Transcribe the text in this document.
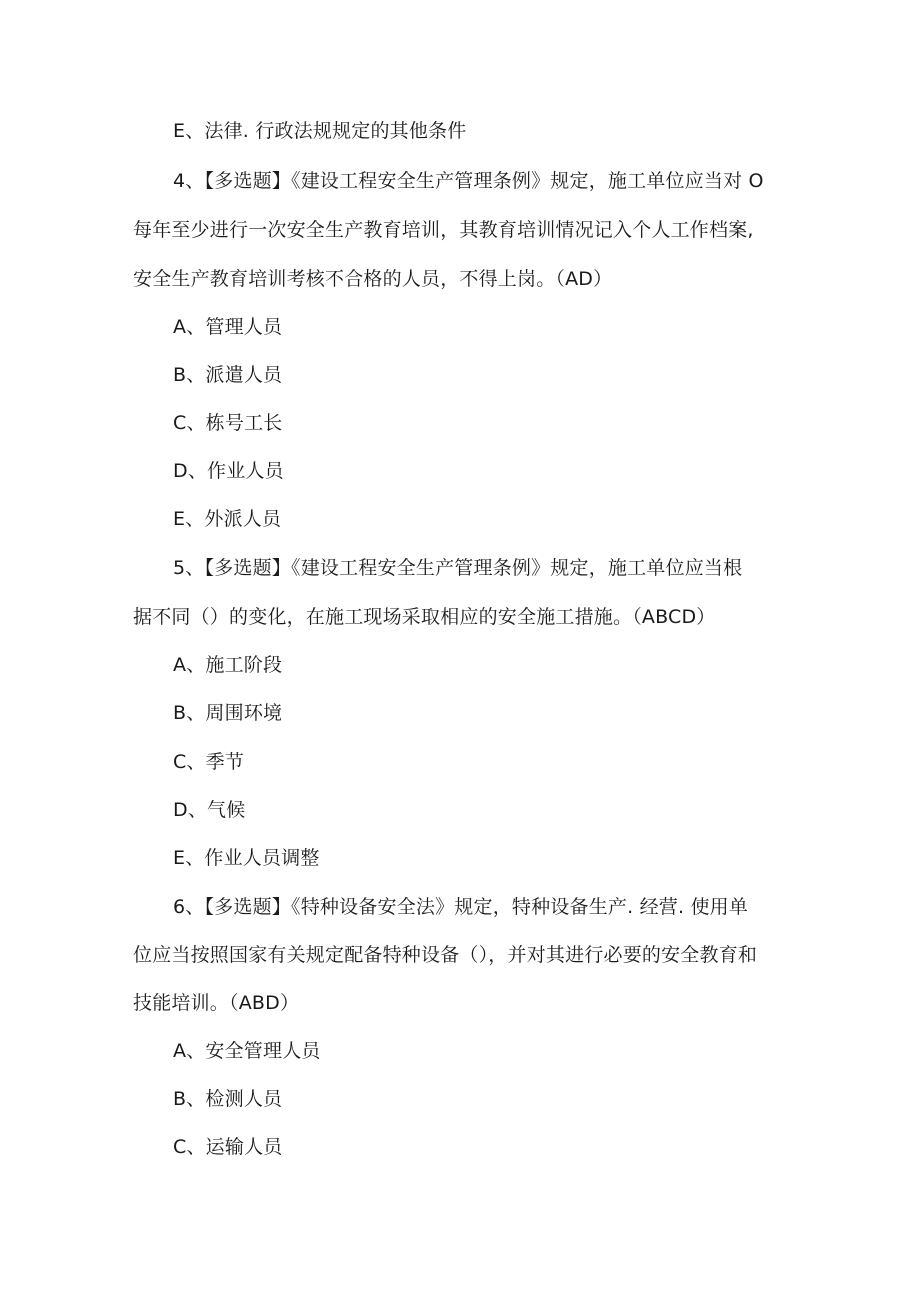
E、法律. 行政法规规定的其他条件
4、【多选题】《建设工程安全生产管理条例》规定，施工单位应当对 O
每年至少进行一次安全生产教育培训，其教育培训情况记入个人工作档案,
安全生产教育培训考核不合格的人员，不得上岗。（AD）
A、管理人员
B、派遣人员
C、栋号工长
D、作业人员
E、外派人员
5、【多选题】《建设工程安全生产管理条例》规定，施工单位应当根
据不同（）的变化，在施工现场采取相应的安全施工措施。（ABCD）
A、施工阶段
B、周围环境
C、季节
D、气候
E、作业人员调整
6、【多选题】《特种设备安全法》规定，特种设备生产. 经营. 使用单
位应当按照国家有关规定配备特种设备（），并对其进行必要的安全教育和
技能培训。（ABD）
A、安全管理人员
B、检测人员
C、运输人员
